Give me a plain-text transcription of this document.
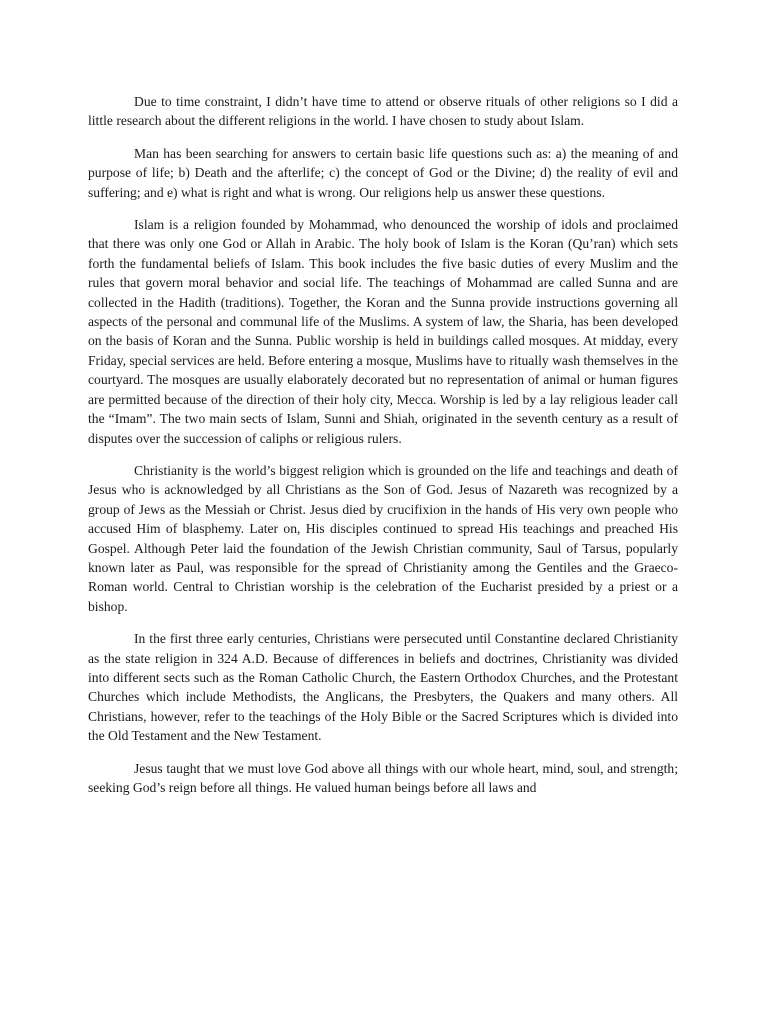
Due to time constraint, I didn’t have time to attend or observe rituals of other religions so I did a little research about the different religions in the world. I have chosen to study about Islam.

Man has been searching for answers to certain basic life questions such as: a) the meaning of and purpose of life; b) Death and the afterlife; c) the concept of God or the Divine; d) the reality of evil and suffering; and e) what is right and what is wrong. Our religions help us answer these questions.

Islam is a religion founded by Mohammad, who denounced the worship of idols and proclaimed that there was only one God or Allah in Arabic. The holy book of Islam is the Koran (Qu’ran) which sets forth the fundamental beliefs of Islam. This book includes the five basic duties of every Muslim and the rules that govern moral behavior and social life. The teachings of Mohammad are called Sunna and are collected in the Hadith (traditions). Together, the Koran and the Sunna provide instructions governing all aspects of the personal and communal life of the Muslims. A system of law, the Sharia, has been developed on the basis of Koran and the Sunna. Public worship is held in buildings called mosques. At midday, every Friday, special services are held. Before entering a mosque, Muslims have to ritually wash themselves in the courtyard. The mosques are usually elaborately decorated but no representation of animal or human figures are permitted because of the direction of their holy city, Mecca. Worship is led by a lay religious leader call the “Imam”. The two main sects of Islam, Sunni and Shiah, originated in the seventh century as a result of disputes over the succession of caliphs or religious rulers.

Christianity is the world’s biggest religion which is grounded on the life and teachings and death of Jesus who is acknowledged by all Christians as the Son of God. Jesus of Nazareth was recognized by a group of Jews as the Messiah or Christ. Jesus died by crucifixion in the hands of His very own people who accused Him of blasphemy. Later on, His disciples continued to spread His teachings and preached His Gospel. Although Peter laid the foundation of the Jewish Christian community, Saul of Tarsus, popularly known later as Paul, was responsible for the spread of Christianity among the Gentiles and the Graeco- Roman world. Central to Christian worship is the celebration of the Eucharist presided by a priest or a bishop.

In the first three early centuries, Christians were persecuted until Constantine declared Christianity as the state religion in 324 A.D. Because of differences in beliefs and doctrines, Christianity was divided into different sects such as the Roman Catholic Church, the Eastern Orthodox Churches, and the Protestant Churches which include Methodists, the Anglicans, the Presbyters, the Quakers and many others. All Christians, however, refer to the teachings of the Holy Bible or the Sacred Scriptures which is divided into the Old Testament and the New Testament.

Jesus taught that we must love God above all things with our whole heart, mind, soul, and strength; seeking God’s reign before all things. He valued human beings before all laws and
